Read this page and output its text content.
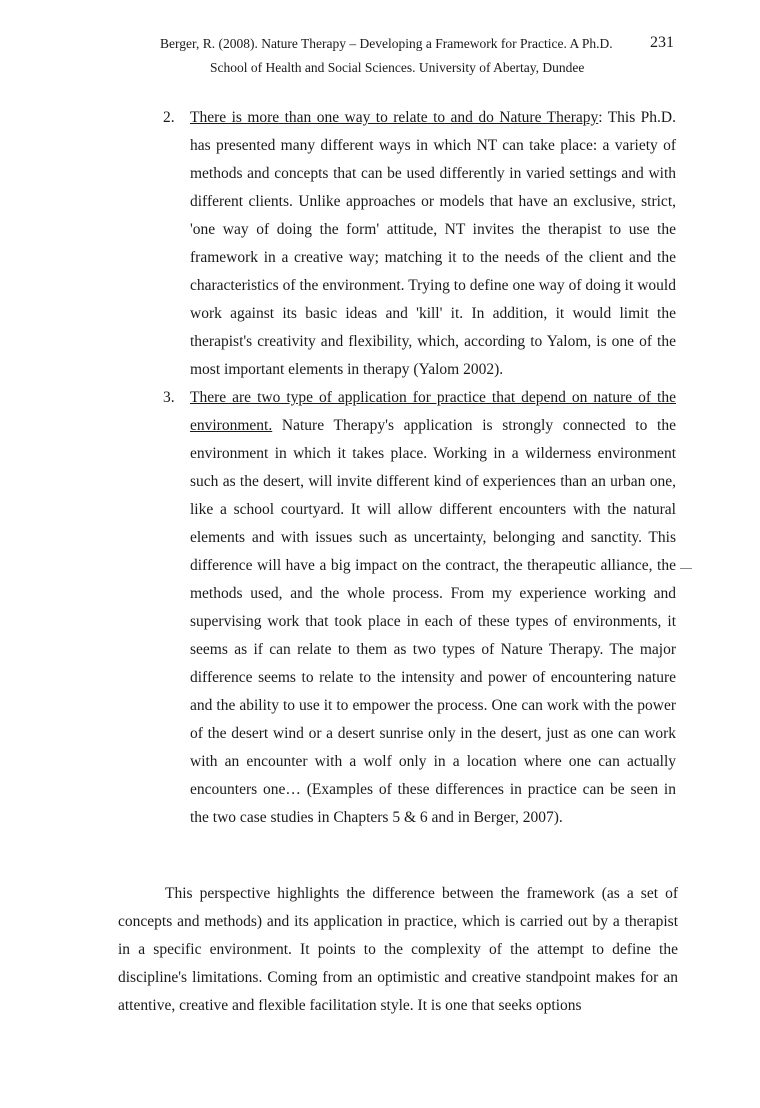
Berger, R. (2008). Nature Therapy – Developing a Framework for Practice. A Ph.D. 231
School of Health and Social Sciences. University of Abertay, Dundee
2. There is more than one way to relate to and do Nature Therapy: This Ph.D. has presented many different ways in which NT can take place: a variety of methods and concepts that can be used differently in varied settings and with different clients. Unlike approaches or models that have an exclusive, strict, 'one way of doing the form' attitude, NT invites the therapist to use the framework in a creative way; matching it to the needs of the client and the characteristics of the environment. Trying to define one way of doing it would work against its basic ideas and 'kill' it. In addition, it would limit the therapist's creativity and flexibility, which, according to Yalom, is one of the most important elements in therapy (Yalom 2002).
3. There are two type of application for practice that depend on nature of the environment. Nature Therapy's application is strongly connected to the environment in which it takes place. Working in a wilderness environment such as the desert, will invite different kind of experiences than an urban one, like a school courtyard. It will allow different encounters with the natural elements and with issues such as uncertainty, belonging and sanctity. This difference will have a big impact on the contract, the therapeutic alliance, the methods used, and the whole process. From my experience working and supervising work that took place in each of these types of environments, it seems as if can relate to them as two types of Nature Therapy. The major difference seems to relate to the intensity and power of encountering nature and the ability to use it to empower the process. One can work with the power of the desert wind or a desert sunrise only in the desert, just as one can work with an encounter with a wolf only in a location where one can actually encounters one… (Examples of these differences in practice can be seen in the two case studies in Chapters 5 & 6 and in Berger, 2007).

This perspective highlights the difference between the framework (as a set of concepts and methods) and its application in practice, which is carried out by a therapist in a specific environment. It points to the complexity of the attempt to define the discipline's limitations. Coming from an optimistic and creative standpoint makes for an attentive, creative and flexible facilitation style. It is one that seeks options
